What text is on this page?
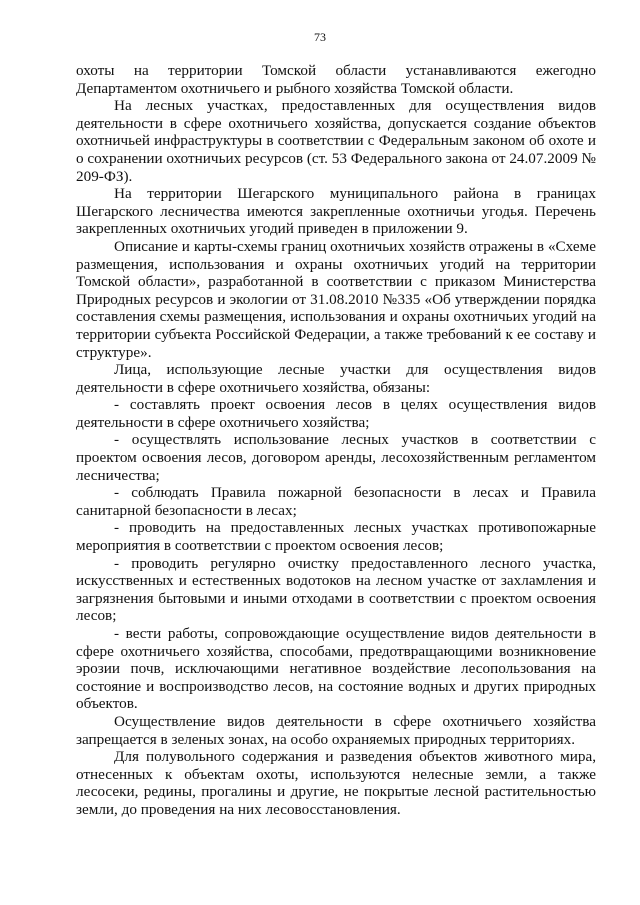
73

охоты на территории Томской области устанавливаются ежегодно Департаментом охотничьего и рыбного хозяйства Томской области.

На лесных участках, предоставленных для осуществления видов деятельности в сфере охотничьего хозяйства, допускается создание объектов охотничьей инфраструктуры в соответствии с Федеральным законом об охоте и о сохранении охотничьих ресурсов (ст. 53 Федерального закона от 24.07.2009 № 209-ФЗ).

На территории Шегарского муниципального района в границах Шегарского лесничества имеются закрепленные охотничьи угодья. Перечень закрепленных охотничьих угодий приведен в приложении 9.

Описание и карты-схемы границ охотничьих хозяйств отражены в «Схеме размещения, использования и охраны охотничьих угодий на территории Томской области», разработанной в соответствии с приказом Министерства Природных ресурсов и экологии от 31.08.2010 №335 «Об утверждении порядка составления схемы размещения, использования и охраны охотничьих угодий на территории субъекта Российской Федерации, а также требований к ее составу и структуре».

Лица, использующие лесные участки для осуществления видов деятельности в сфере охотничьего хозяйства, обязаны:

- составлять проект освоения лесов в целях осуществления видов деятельности в сфере охотничьего хозяйства;

- осуществлять использование лесных участков в соответствии с проектом освоения лесов, договором аренды, лесохозяйственным регламентом лесничества;

- соблюдать Правила пожарной безопасности в лесах и Правила санитарной безопасности в лесах;

- проводить на предоставленных лесных участках противопожарные мероприятия в соответствии с проектом освоения лесов;

- проводить регулярно очистку предоставленного лесного участка, искусственных и естественных водотоков на лесном участке от захламления и загрязнения бытовыми и иными отходами в соответствии с проектом освоения лесов;

- вести работы, сопровождающие осуществление видов деятельности в сфере охотничьего хозяйства, способами, предотвращающими возникновение эрозии почв, исключающими негативное воздействие лесопользования на состояние и воспроизводство лесов, на состояние водных и других природных объектов.

Осуществление видов деятельности в сфере охотничьего хозяйства запрещается в зеленых зонах, на особо охраняемых природных территориях.

Для полувольного содержания и разведения объектов животного мира, отнесенных к объектам охоты, используются нелесные земли, а также лесосеки, редины, прогалины и другие, не покрытые лесной растительностью земли, до проведения на них лесовосстановления.
